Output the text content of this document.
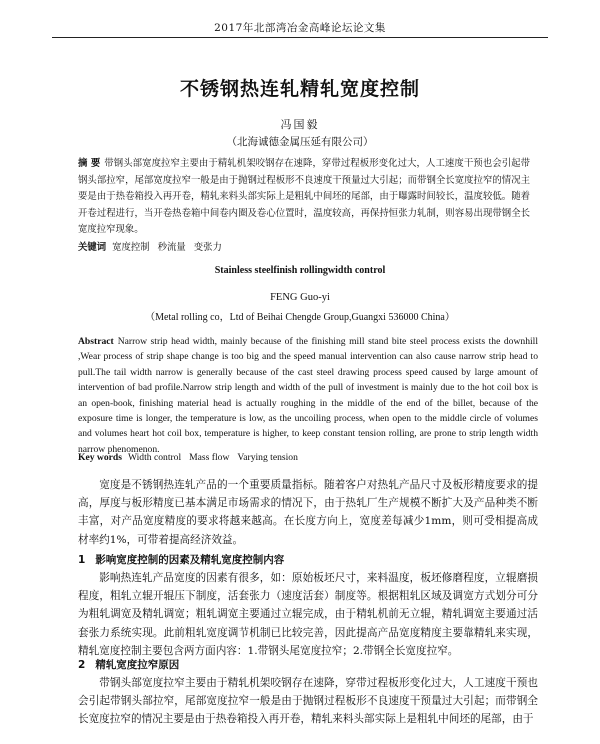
2017年北部湾冶金高峰论坛论文集
不锈钢热连轧精轧宽度控制
冯国毅
（北海诚德金属压延有限公司）
摘 要 带钢头部宽度拉窄主要由于精轧机架咬钢存在速降，穿带过程板形变化过大，人工速度干预也会引起带钢头部拉窄，尾部宽度拉窄一般是由于抛钢过程板形不良速度干预量过大引起；而带钢全长宽度拉窄的情况主要是由于热卷箱投入再开卷，精轧来料头部实际上是粗轧中间坯的尾部，由于曝露时间较长，温度较低。随着开卷过程进行，当开卷热卷箱中间卷内圈及卷心位置时，温度较高，再保持恒张力轧制，则容易出现带钢全长宽度拉窄现象。
关键词 宽度控制 秒流量 变张力
Stainless steelfinish rollingwidth control
FENG Guo-yi
（Metal rolling co，Ltd of Beihai Chengde Group,Guangxi 536000 China）
Abstract Narrow strip head width, mainly because of the finishing mill stand bite steel process exists the downhill ,Wear process of strip shape change is too big and the speed manual intervention can also cause narrow strip head to pull.The tail width narrow is generally because of the cast steel drawing process speed caused by large amount of intervention of bad profile.Narrow strip length and width of the pull of investment is mainly due to the hot coil box is an open-book, finishing material head is actually roughing in the middle of the end of the billet, because of the exposure time is longer, the temperature is low, as the uncoiling process, when open to the middle circle of volumes and volumes heart hot coil box, temperature is higher, to keep constant tension rolling, are prone to strip length width narrow phenomenon.
Key words Width control Mass flow Varying tension
宽度是不锈钢热连轧产品的一个重要质量指标。随着客户对热轧产品尺寸及板形精度要求的提高，厚度与板形精度已基本满足市场需求的情况下，由于热轧厂生产规模不断扩大及产品种类不断丰富，对产品宽度精度的要求将越来越高。在长度方向上，宽度差每减少1mm，则可受相提高成材率约1%，可带着提高经济效益。
1 影响宽度控制的因素及精轧宽度控制内容
影响热连轧产品宽度的因素有很多，如：原始板坯尺寸，来料温度，板坯修磨程度，立辊磨损程度，粗轧立辊开辊压下制度，活套张力（速度活套）制度等。根据粗轧区域及调宽方式划分可分为粗轧调宽及精轧调宽；粗轧调宽主要通过立辊完成，由于精轧机前无立辊，精轧调宽主要通过活套张力系统实现。此前粗轧宽度调节机制已比较完善，因此提高产品宽度精度主要靠精轧来实现，精轧宽度控制主要包含两方面内容：1.带钢头尾宽度拉窄；2.带钢全长宽度拉窄。
2 精轧宽度拉窄原因
带钢头部宽度拉窄主要由于精轧机架咬钢存在速降，穿带过程板形变化过大，人工速度干预也会引起带钢头部拉窄，尾部宽度拉窄一般是由于抛钢过程板形不良速度干预量过大引起；而带钢全长宽度拉窄的情况主要是由于热卷箱投入再开卷，精轧来料头部实际上是粗轧中间坯的尾部，由于
